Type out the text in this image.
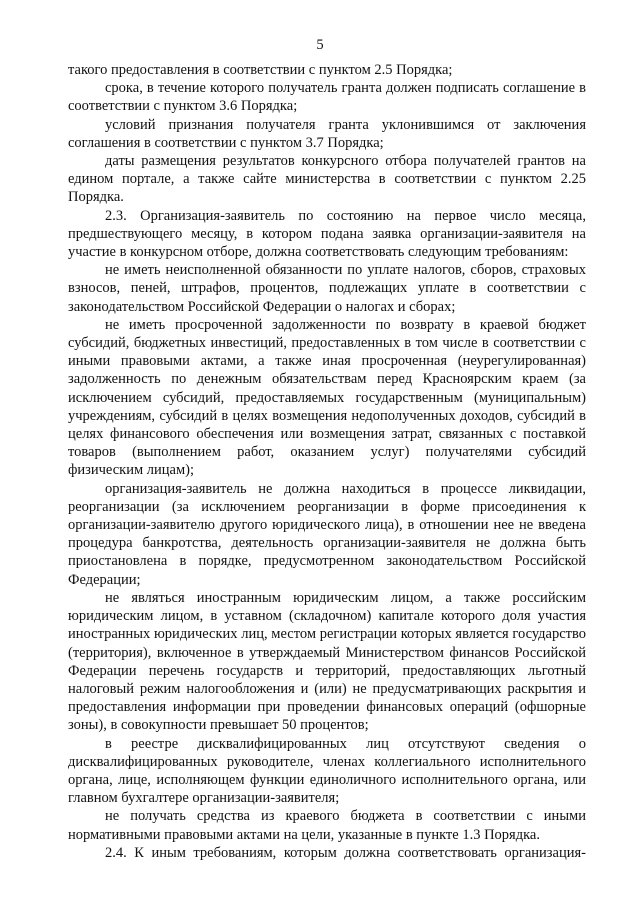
5

такого предоставления в соответствии с пунктом 2.5 Порядка;

срока, в течение которого получатель гранта должен подписать соглашение в соответствии с пунктом 3.6 Порядка;

условий признания получателя гранта уклонившимся от заключения соглашения в соответствии с пунктом 3.7 Порядка;

даты размещения результатов конкурсного отбора получателей грантов на едином портале, а также сайте министерства в соответствии с пунктом 2.25 Порядка.

2.3. Организация-заявитель по состоянию на первое число месяца, предшествующего месяцу, в котором подана заявка организации-заявителя на участие в конкурсном отборе, должна соответствовать следующим требованиям:

не иметь неисполненной обязанности по уплате налогов, сборов, страховых взносов, пеней, штрафов, процентов, подлежащих уплате в соответствии с законодательством Российской Федерации о налогах и сборах;

не иметь просроченной задолженности по возврату в краевой бюджет субсидий, бюджетных инвестиций, предоставленных в том числе в соответствии с иными правовыми актами, а также иная просроченная (неурегулированная) задолженность по денежным обязательствам перед Красноярским краем (за исключением субсидий, предоставляемых государственным (муниципальным) учреждениям, субсидий в целях возмещения недополученных доходов, субсидий в целях финансового обеспечения или возмещения затрат, связанных с поставкой товаров (выполнением работ, оказанием услуг) получателями субсидий физическим лицам);

организация-заявитель не должна находиться в процессе ликвидации, реорганизации (за исключением реорганизации в форме присоединения к организации-заявителю другого юридического лица), в отношении нее не введена процедура банкротства, деятельность организации-заявителя не должна быть приостановлена в порядке, предусмотренном законодательством Российской Федерации;

не являться иностранным юридическим лицом, а также российским юридическим лицом, в уставном (складочном) капитале которого доля участия иностранных юридических лиц, местом регистрации которых является государство (территория), включенное в утверждаемый Министерством финансов Российской Федерации перечень государств и территорий, предоставляющих льготный налоговый режим налогообложения и (или) не предусматривающих раскрытия и предоставления информации при проведении финансовых операций (офшорные зоны), в совокупности превышает 50 процентов;

в реестре дисквалифицированных лиц отсутствуют сведения о дисквалифицированных руководителе, членах коллегиального исполнительного органа, лице, исполняющем функции единоличного исполнительного органа, или главном бухгалтере организации-заявителя;

не получать средства из краевого бюджета в соответствии с иными нормативными правовыми актами на цели, указанные в пункте 1.3 Порядка.

2.4. К иным требованиям, которым должна соответствовать организация-
